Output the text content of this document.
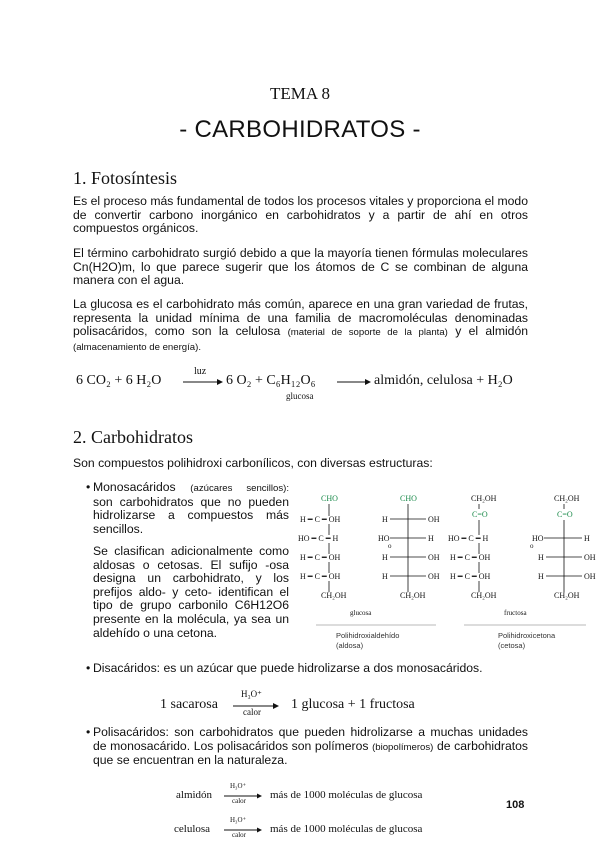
TEMA 8
- CARBOHIDRATOS -
1. Fotosíntesis

Es el proceso más fundamental de todos los procesos vitales y proporciona el modo de convertir carbono inorgánico en carbohidratos y a partir de ahí en otros compuestos orgánicos.

El término carbohidrato surgió debido a que la mayoría tienen fórmulas moleculares Cn(H2O)m, lo que parece sugerir que los átomos de C se combinan de alguna manera con el agua.

La glucosa es el carbohidrato más común, aparece en una gran variedad de frutas, representa la unidad mínima de una familia de macromoléculas denominadas polisacáridos, como son la celulosa (material de soporte de la planta) y el almidón (almacenamiento de energía).

6 CO₂ + 6 H₂O
luz
→ 6 O₂ + C₆H₁₂O₆
glucosa
→ almidón, celulosa + H₂O
2. Carbohidratos

Son compuestos polihidroxi carbonílicos, con diversas estructuras:

• Monosacáridos (azúcares sencillos): son carbohidratos que no pueden hidrolizarse a compuestos más sencillos.

Se clasifican adicionalmente como aldosas o cetosas. El sufijo -osa designa un carbohidrato, y los prefijos aldo- y ceto- identifican el tipo de grupo carbonilo C6H12O6 presente en la molécula, ya sea un aldehído o una cetona.

CHO
H ━ C ━ OH
HO ━ C ━ H
H ━ C ━ OH
H ━ C ━ OH
CH₂OH
o
CHO
H	OH
HO	H
H	OH
H	OH
CH₂OH
glucosa
CH₂OH
C=O
HO ━ C ━ H
H ━ C ━ OH
H ━ C ━ OH
CH₂OH
o
CH₂OH
C=O
HO	H
H	OH
H	OH
CH₂OH
fructosa
Polihidroxialdehído
(aldosa)
Polihidroxicetona
(cetosa)
• Disacáridos: es un azúcar que puede hidrolizarse a dos monosacáridos.

1 sacarosa
H₃O⁺
calor 1 glucosa + 1 fructosa
• Polisacáridos: son carbohidratos que pueden hidrolizarse a muchas unidades de monosacárido. Los polisacáridos son polímeros (biopolímeros) de carbohidratos que se encuentran en la naturaleza.

almidón
H₃O⁺
calor más de 1000 moléculas de glucosa
celulosa
H₃O⁺
calor más de 1000 moléculas de glucosa
108
